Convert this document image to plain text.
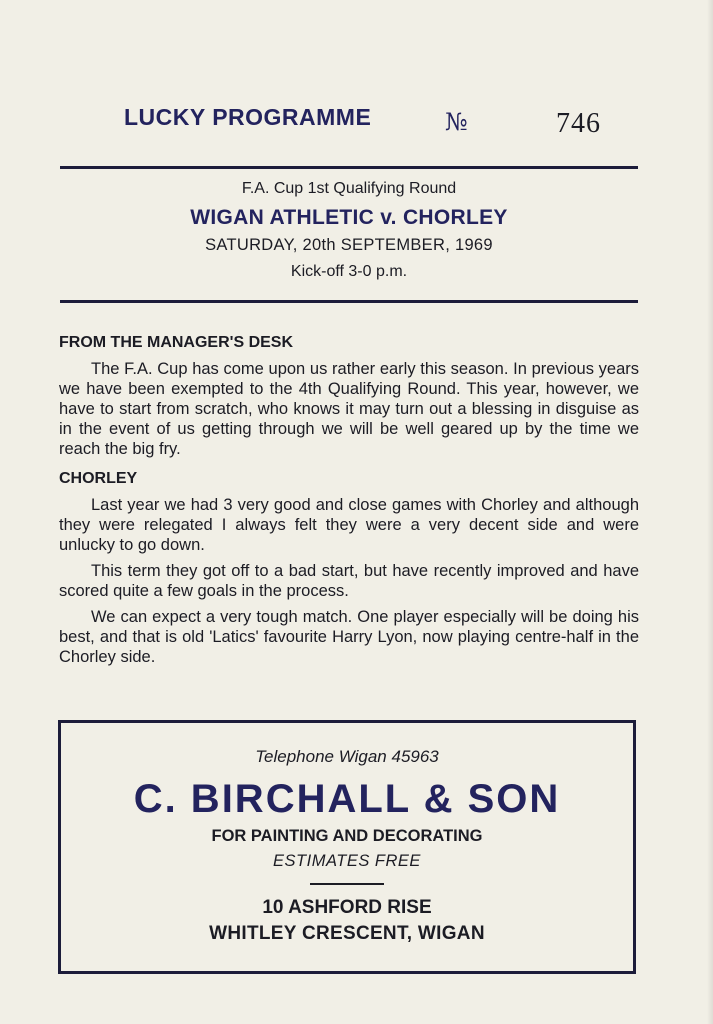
LUCKY PROGRAMME	№	746
F.A. Cup 1st Qualifying Round
WIGAN ATHLETIC v. CHORLEY
SATURDAY, 20th SEPTEMBER, 1969
Kick-off 3-0 p.m.

FROM THE MANAGER'S DESK

The F.A. Cup has come upon us rather early this season. In previous years we have been exempted to the 4th Qualifying Round. This year, however, we have to start from scratch, who knows it may turn out a blessing in disguise as in the event of us getting through we will be well geared up by the time we reach the big fry.

CHORLEY

Last year we had 3 very good and close games with Chorley and although they were relegated I always felt they were a very decent side and were unlucky to go down.

This term they got off to a bad start, but have recently improved and have scored quite a few goals in the process.

We can expect a very tough match. One player especially will be doing his best, and that is old 'Latics' favourite Harry Lyon, now playing centre-half in the Chorley side.

Telephone Wigan 45963
C. BIRCHALL & SON
FOR PAINTING AND DECORATING
ESTIMATES FREE
10 ASHFORD RISE
WHITLEY CRESCENT, WIGAN
